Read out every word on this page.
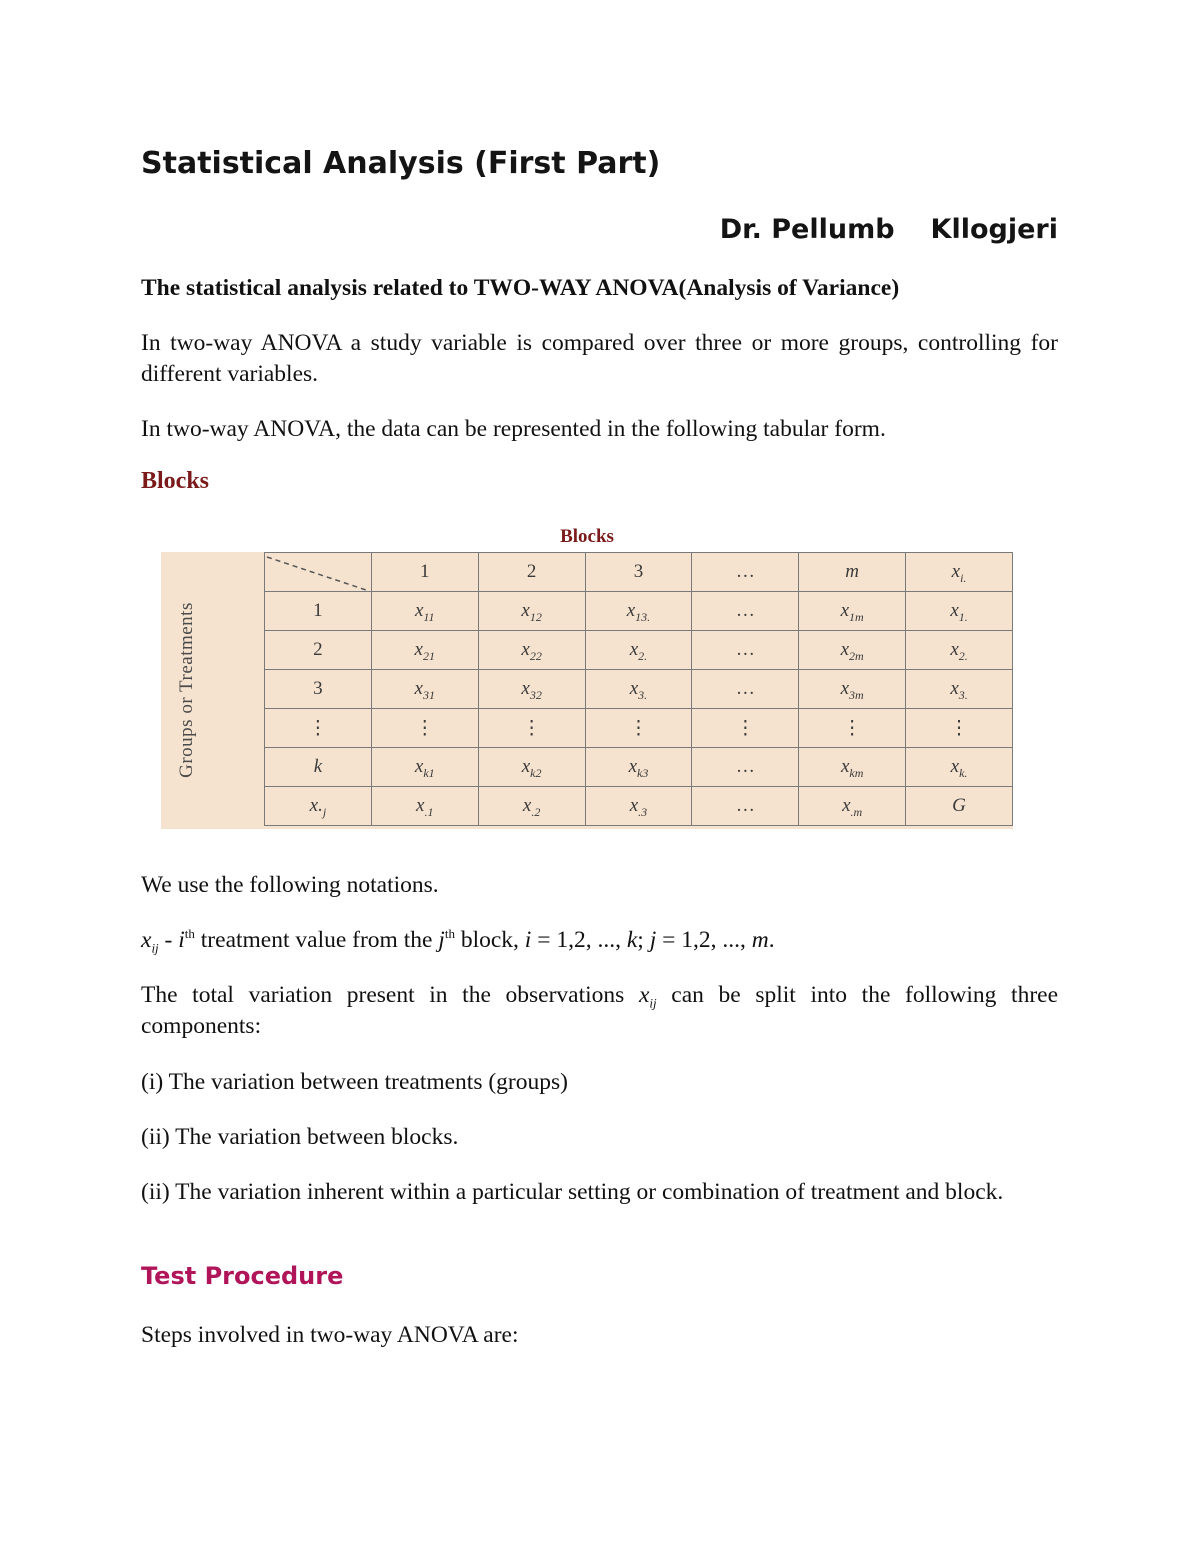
Statistical Analysis (First Part)
Dr. Pellumb Kllogjeri
The statistical analysis related to TWO-WAY ANOVA(Analysis of Variance)
In two-way ANOVA a study variable is compared over three or more groups, controlling for different variables.
In two-way ANOVA, the data can be represented in the following tabular form.
Blocks
Blocks
Groups or Treatments
	1	2	3	…	m	$x_{i.}$
1	$x_{11}$	$x_{12}$	$x_{13.}$	…	$x_{1m}$	$x_{1.}$
2	$x_{21}$	$x_{22}$	$x_{2.}$	…	$x_{2m}$	$x_{2.}$
3	$x_{31}$	$x_{32}$	$x_{3.}$	…	$x_{3m}$	$x_{3.}$
⋮	⋮	⋮	⋮	⋮	⋮	⋮
k	$x_{k1}$	$x_{k2}$	$x_{k3}$	…	$x_{km}$	$x_{k.}$
$x._j$	$x_{.1}$	$x_{.2}$	$x_{.3}$	…	$x_{.m}$	G
We use the following notations.
$x_{ij} - i^{th}$ treatment value from the $j^{th}$ block, i = 1,2, ..., k; j = 1,2, ..., m.
The total variation present in the observations $x_{ij}$ can be split into the following three components:
(i) The variation between treatments (groups)
(ii) The variation between blocks.
(ii) The variation inherent within a particular setting or combination of treatment and block.
Test Procedure
Steps involved in two-way ANOVA are:
